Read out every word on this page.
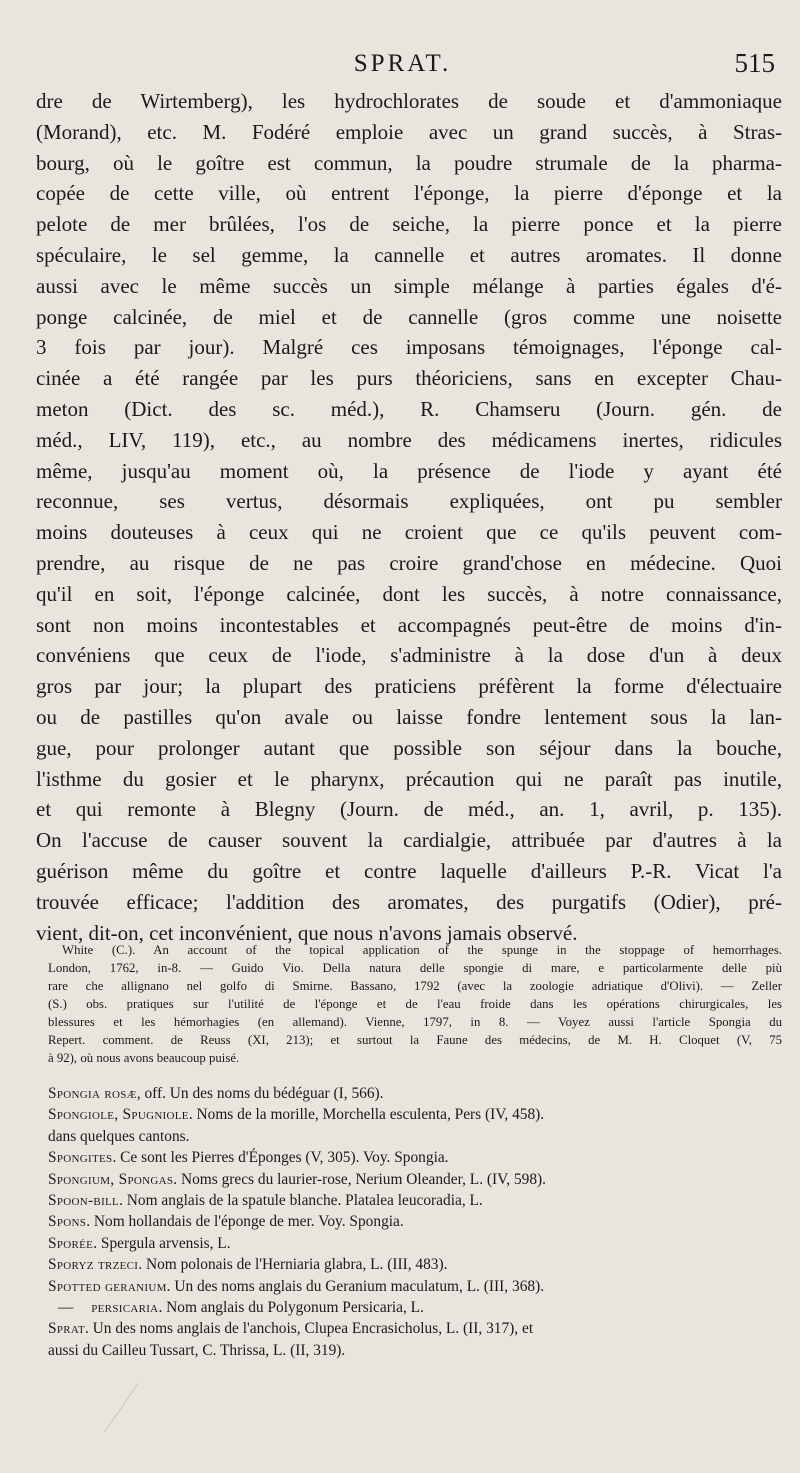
SPRAT.	515
dre de Wirtemberg), les hydrochlorates de soude et d'ammoniaque
(Morand), etc. M. Fodéré emploie avec un grand succès, à Stras-
bourg, où le goître est commun, la poudre strumale de la pharma-
copée de cette ville, où entrent l'éponge, la pierre d'éponge et la
pelote de mer brûlées, l'os de seiche, la pierre ponce et la pierre
spéculaire, le sel gemme, la cannelle et autres aromates. Il donne
aussi avec le même succès un simple mélange à parties égales d'é-
ponge calcinée, de miel et de cannelle (gros comme une noisette
3 fois par jour). Malgré ces imposans témoignages, l'éponge cal-
cinée a été rangée par les purs théoriciens, sans en excepter Chau-
meton (Dict. des sc. méd.), R. Chamseru (Journ. gén. de
méd., LIV, 119), etc., au nombre des médicamens inertes, ridicules
même, jusqu'au moment où, la présence de l'iode y ayant été
reconnue, ses vertus, désormais expliquées, ont pu sembler
moins douteuses à ceux qui ne croient que ce qu'ils peuvent com-
prendre, au risque de ne pas croire grand'chose en médecine. Quoi
qu'il en soit, l'éponge calcinée, dont les succès, à notre connaissance,
sont non moins incontestables et accompagnés peut-être de moins d'in-
convéniens que ceux de l'iode, s'administre à la dose d'un à deux
gros par jour; la plupart des praticiens préfèrent la forme d'électuaire
ou de pastilles qu'on avale ou laisse fondre lentement sous la lan-
gue, pour prolonger autant que possible son séjour dans la bouche,
l'isthme du gosier et le pharynx, précaution qui ne paraît pas inutile,
et qui remonte à Blegny (Journ. de méd., an. 1, avril, p. 135).
On l'accuse de causer souvent la cardialgie, attribuée par d'autres à la
guérison même du goître et contre laquelle d'ailleurs P.-R. Vicat l'a
trouvée efficace; l'addition des aromates, des purgatifs (Odier), pré-
vient, dit-on, cet inconvénient, que nous n'avons jamais observé.
White (C.). An account of the topical application of the spunge in the stoppage of hemorrhages.
London, 1762, in-8. — Guido Vio. Della natura delle spongie di mare, e particolarmente delle più
rare che allignano nel golfo di Smirne. Bassano, 1792 (avec la zoologie adriatique d'Olivi). — Zeller
(S.) obs. pratiques sur l'utilité de l'éponge et de l'eau froide dans les opérations chirurgicales, les
blessures et les hémorhagies (en allemand). Vienne, 1797, in 8. — Voyez aussi l'article Spongia du
Repert. comment. de Reuss (XI, 213); et surtout la Faune des médecins, de M. H. Cloquet (V, 75
à 92), où nous avons beaucoup puisé.
Spongia rosæ, off. Un des noms du bédéguar (I, 566).
Spongiole, Spugniole. Noms de la morille, Morchella esculenta, Pers (IV, 458).
dans quelques cantons.
Spongites. Ce sont les Pierres d'Éponges (V, 305). Voy. Spongia.
Spongium, Spongas. Noms grecs du laurier-rose, Nerium Oleander, L. (IV, 598).
Spoon-bill. Nom anglais de la spatule blanche. Platalea leucoradia, L.
Spons. Nom hollandais de l'éponge de mer. Voy. Spongia.
Sporée. Spergula arvensis, L.
Sporyz trzeci. Nom polonais de l'Herniaria glabra, L. (III, 483).
Spotted geranium. Un des noms anglais du Geranium maculatum, L. (III, 368).
— persicaria. Nom anglais du Polygonum Persicaria, L.
Sprat. Un des noms anglais de l'anchois, Clupea Encrasicholus, L. (II, 317), et
aussi du Cailleu Tussart, C. Thrissa, L. (II, 319).
